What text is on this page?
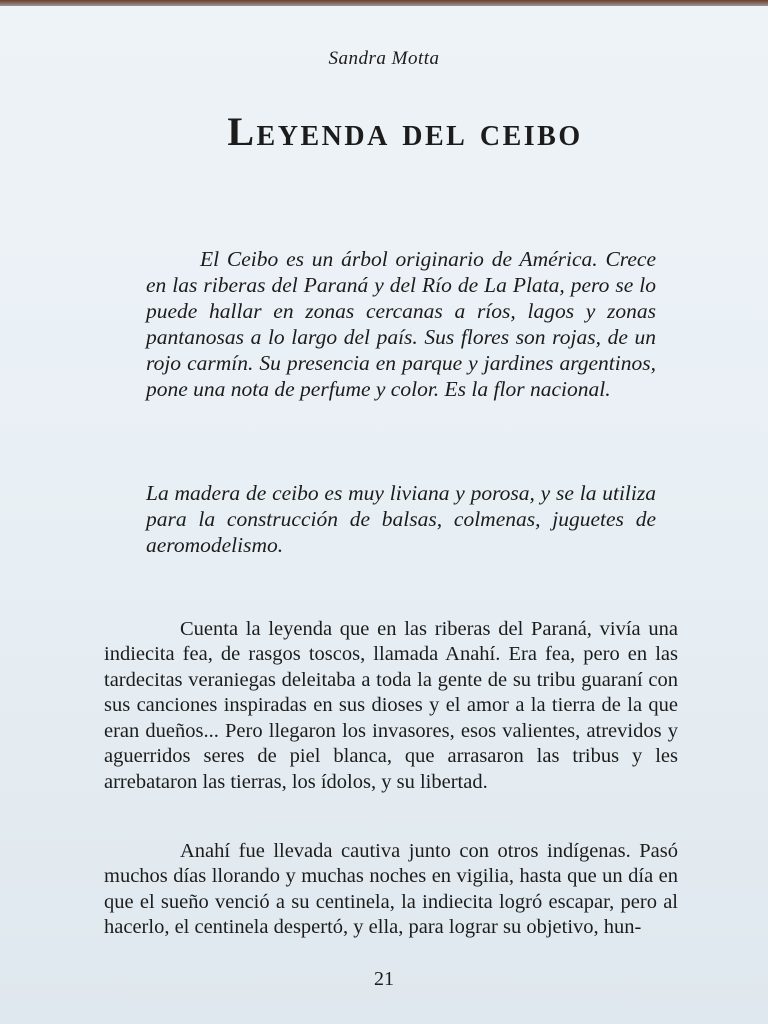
Sandra Motta
Leyenda del ceibo

El Ceibo es un árbol originario de América. Crece en las riberas del Paraná y del Río de La Plata, pero se lo puede hallar en zonas cercanas a ríos, lagos y zonas pantanosas a lo largo del país. Sus flores son rojas, de un rojo carmín. Su presencia en parque y jardines argentinos, pone una nota de perfume y color. Es la flor nacional.

La madera de ceibo es muy liviana y porosa, y se la utiliza para la construcción de balsas, colmenas, juguetes de aeromodelismo.

Cuenta la leyenda que en las riberas del Paraná, vivía una indiecita fea, de rasgos toscos, llamada Anahí. Era fea, pero en las tardecitas veraniegas deleitaba a toda la gente de su tribu guaraní con sus canciones inspiradas en sus dioses y el amor a la tierra de la que eran dueños... Pero llegaron los invasores, esos valientes, atrevidos y aguerridos seres de piel blanca, que arrasaron las tribus y les arrebataron las tierras, los ídolos, y su libertad.

Anahí fue llevada cautiva junto con otros indígenas. Pasó muchos días llorando y muchas noches en vigilia, hasta que un día en que el sueño venció a su centinela, la indiecita logró escapar, pero al hacerlo, el centinela despertó, y ella, para lograr su objetivo, hun-

21
